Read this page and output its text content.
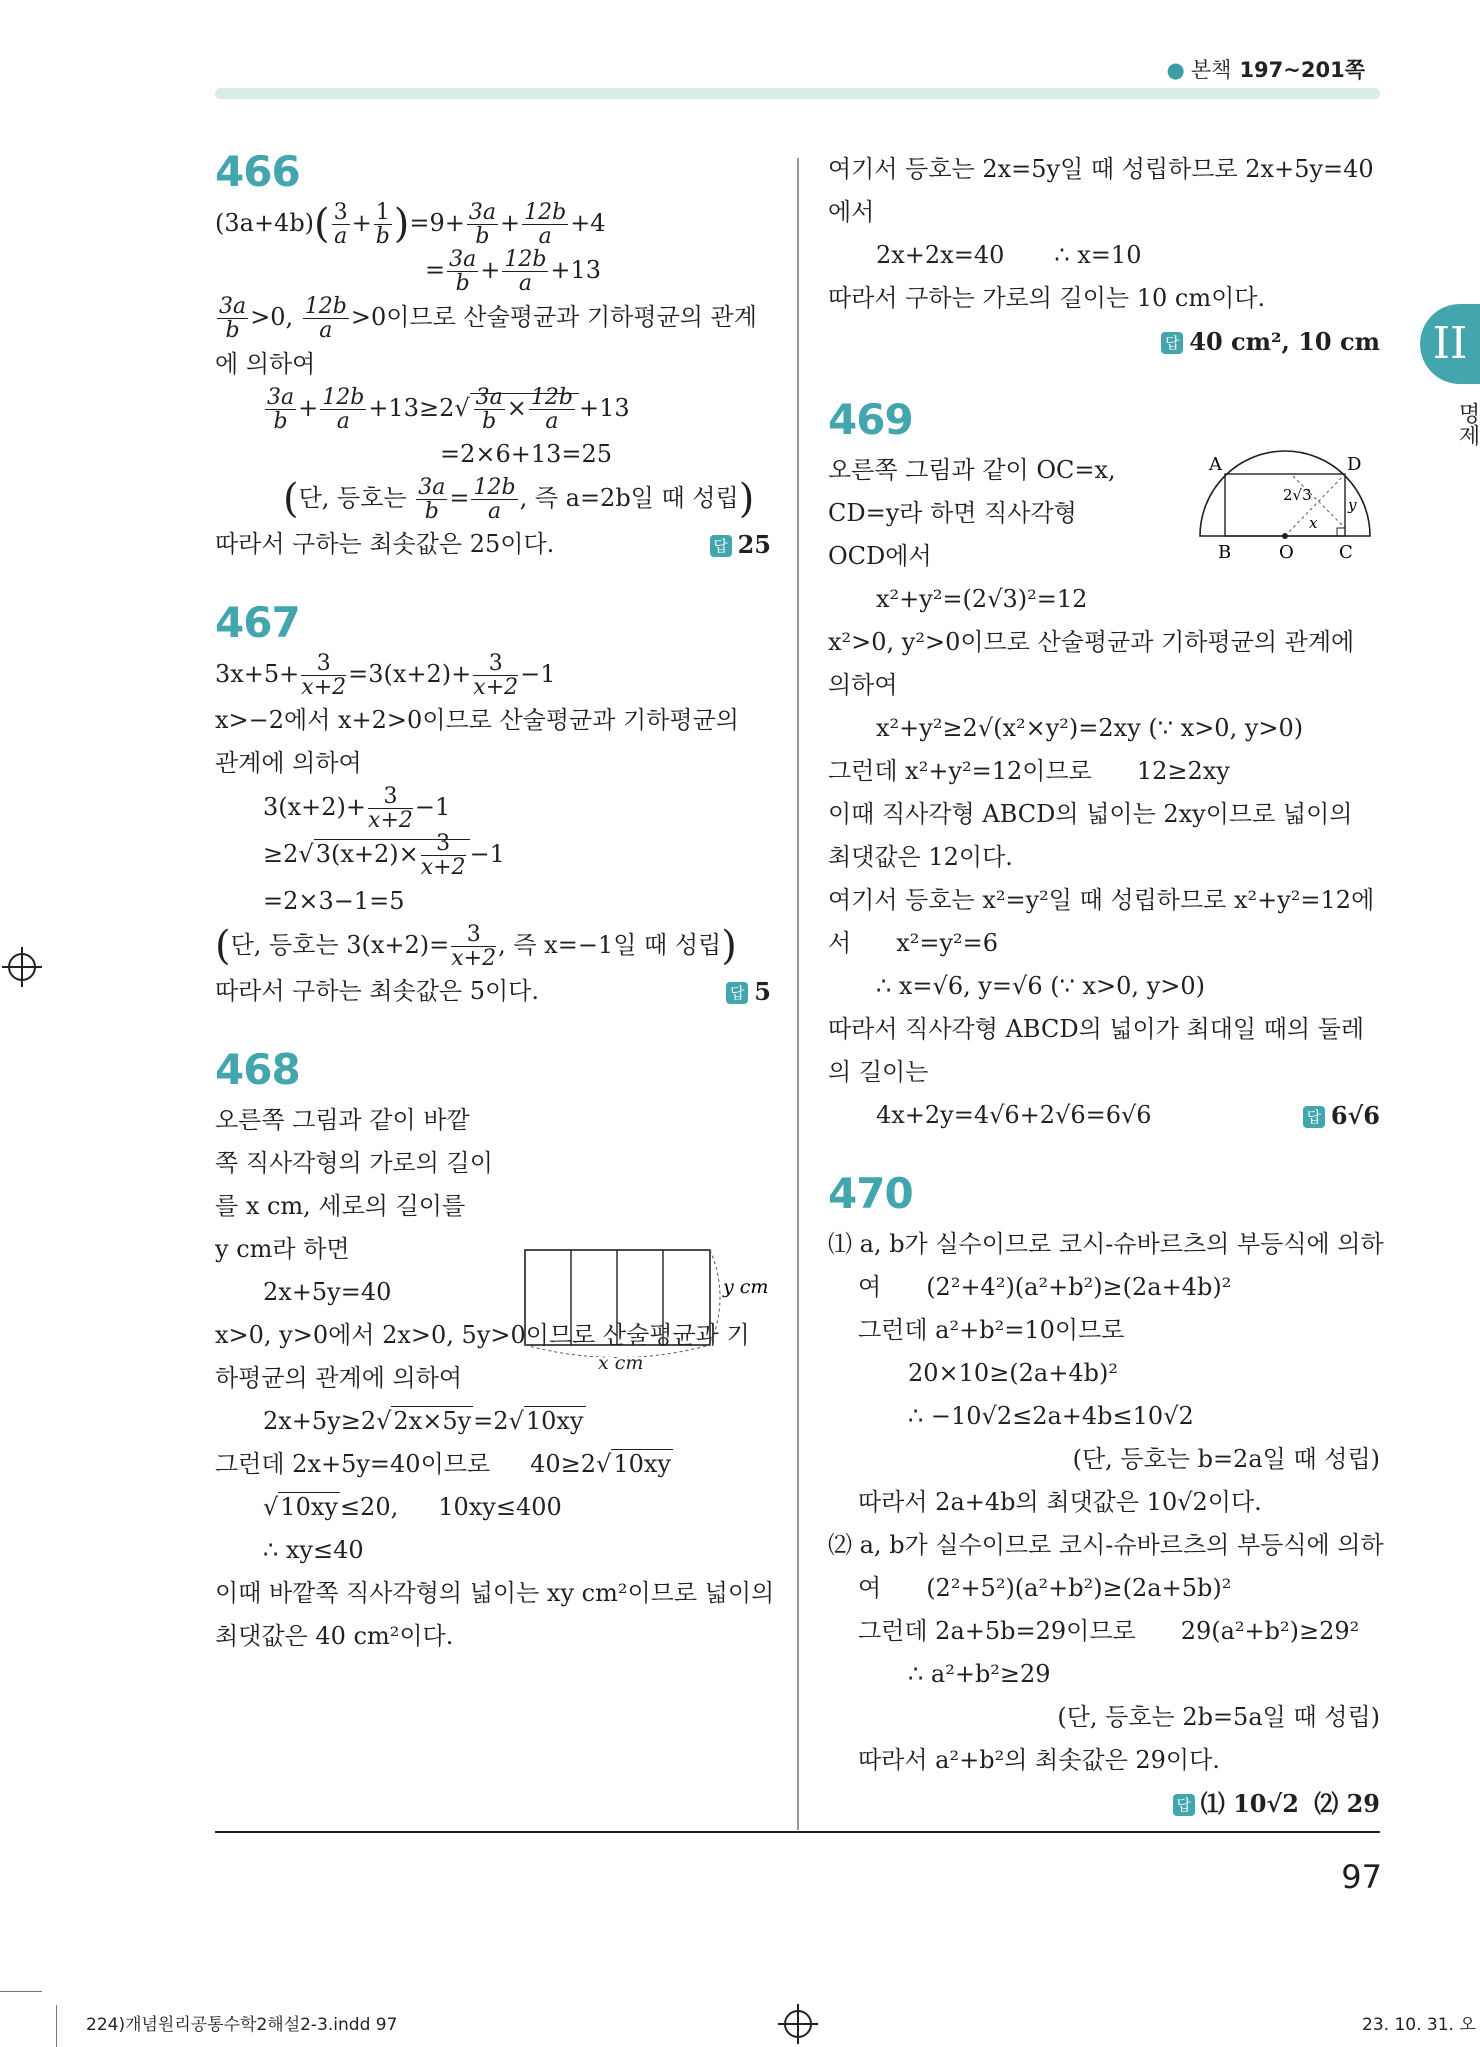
● 본책 197~201쪽
II
명제
466
$(3a+4b)( \frac{3}{a} + \frac{1}{b} )=9+ \frac{3a}{b} + \frac{12b}{a} +4$
= $\frac{3a}{b} + \frac{12b}{a} +13$
$\frac{3a}{b} >0$, $\frac{12b}{a} >0$이므로 산술평균과 기하평균의 관계
에 의하여
$\frac{3a}{b} + \frac{12b}{a} +13\ge 2√ \frac{3a}{b} \times \frac{12b}{a} +13$
=2×6+13=25
(단, 등호는 $\frac{3a}{b} = \frac{12b}{a}$ , 즉 a=2b일 때 성립)
따라서 구하는 최솟값은 25이다.	답 25
467
$3x+5+ \frac{3}{x+2} =3(x+2)+ \frac{3}{x+2} -1$
x>−2에서 x+2>0이므로 산술평균과 기하평균의
관계에 의하여
$3(x+2)+ \frac{3}{x+2} -1$
$\ge 2√3(x+2)\times \frac{3}{x+2} -1$
=2×3−1=5
(단, 등호는 $3(x+2)= \frac{3}{x+2}$ , 즉 x=−1일 때 성립)
따라서 구하는 최솟값은 5이다.	답 5
468
오른쪽 그림과 같이 바깥
쪽 직사각형의 가로의 길이
를 x cm, 세로의 길이를
y cm라 하면
2x+5y=40
x>0, y>0에서 2x>0, 5y>0이므로 산술평균과 기
하평균의 관계에 의하여
2x+5y≥2√2x×5y=2√10xy
그런데 2x+5y=40이므로 40≥2√10xy
√10xy≤20, 10xy≤400
∴ xy≤40
이때 바깥쪽 직사각형의 넓이는 xy cm²이므로 넓이의
최댓값은 40 cm²이다.
y cm
x cm
여기서 등호는 2x=5y일 때 성립하므로 2x+5y=40
에서
2x+2x=40 ∴ x=10
따라서 구하는 가로의 길이는 10 cm이다.
답 40 cm², 10 cm
469
오른쪽 그림과 같이 OC=x,
CD=y라 하면 직사각형
OCD에서
x²+y²=(2√3)²=12
x²>0, y²>0이므로 산술평균과 기하평균의 관계에
의하여
x²+y²≥2√(x²×y²)=2xy (∵ x>0, y>0)
그런데 x²+y²=12이므로 12≥2xy
이때 직사각형 ABCD의 넓이는 2xy이므로 넓이의
최댓값은 12이다.
여기서 등호는 x²=y²일 때 성립하므로 x²+y²=12에
서 x²=y²=6
∴ x=√6, y=√6 (∵ x>0, y>0)
따라서 직사각형 ABCD의 넓이가 최대일 때의 둘레
의 길이는
4x+2y=4√6+2√6=6√6	답 6√6
470
⑴ a, b가 실수이므로 코시-슈바르츠의 부등식에 의하
여 (2²+4²)(a²+b²)≥(2a+4b)²
그런데 a²+b²=10이므로
20×10≥(2a+4b)²
∴ −10√2≤2a+4b≤10√2
(단, 등호는 b=2a일 때 성립)
따라서 2a+4b의 최댓값은 10√2이다.
⑵ a, b가 실수이므로 코시-슈바르츠의 부등식에 의하
여 (2²+5²)(a²+b²)≥(2a+5b)²
그런데 2a+5b=29이므로 29(a²+b²)≥29²
∴ a²+b²≥29
(단, 등호는 2b=5a일 때 성립)
따라서 a²+b²의 최솟값은 29이다.
답 ⑴ 10√2 ⑵ 29
A	D
B	O	C
2√3
x
y
97
224)개념원리공통수학2해설2-3.indd 97	23. 10. 31. 오
